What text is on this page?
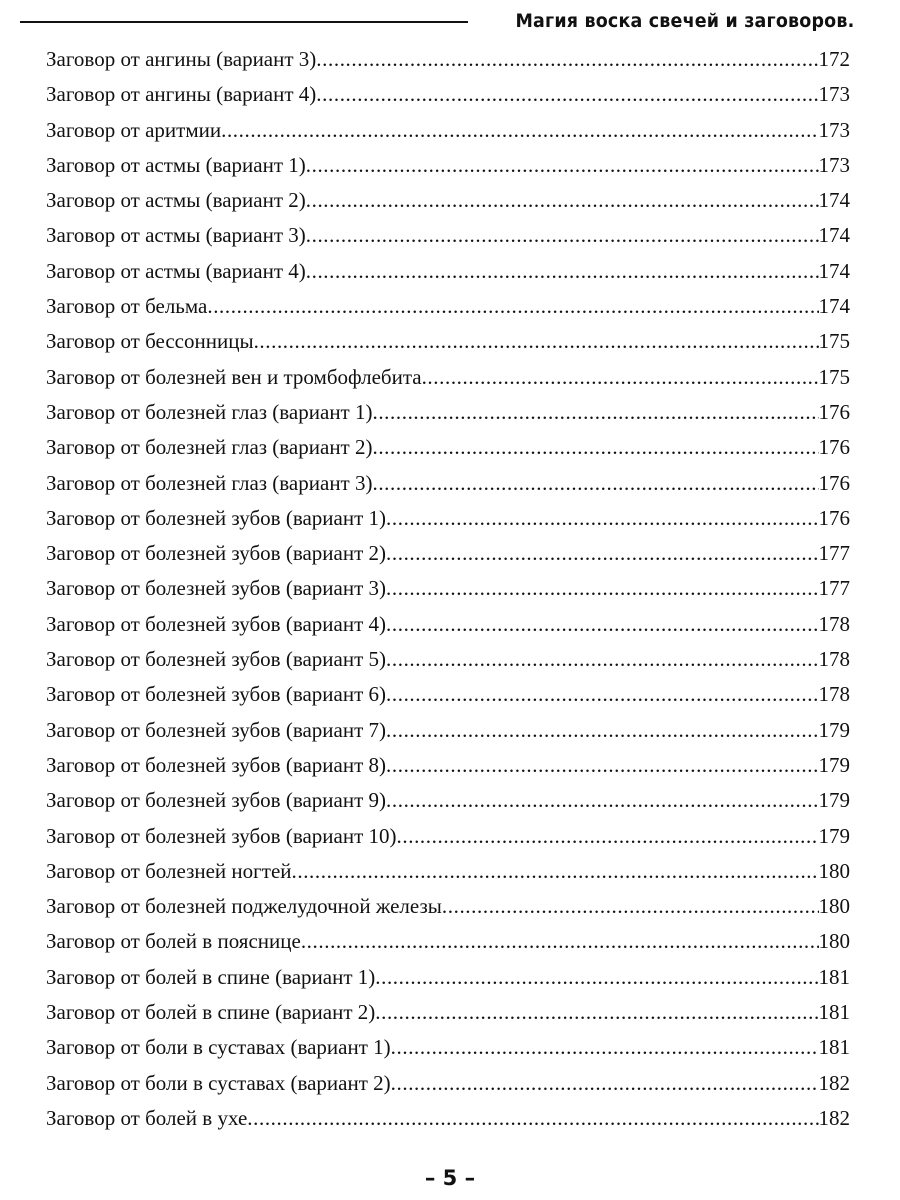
Магия воска свечей и заговоров.
Заговор от ангины (вариант 3) .....	172
Заговор от ангины (вариант 4) .....	173
Заговор от аритмии .....	173
Заговор от астмы (вариант 1) .....	173
Заговор от астмы (вариант 2) .....	174
Заговор от астмы (вариант 3) .....	174
Заговор от астмы (вариант 4) .....	174
Заговор от бельма .....	174
Заговор от бессонницы .....	175
Заговор от болезней вен и тромбофлебита .....	175
Заговор от болезней глаз (вариант 1) .....	176
Заговор от болезней глаз (вариант 2) .....	176
Заговор от болезней глаз (вариант 3) .....	176
Заговор от болезней зубов (вариант 1) .....	176
Заговор от болезней зубов (вариант 2) .....	177
Заговор от болезней зубов (вариант 3) .....	177
Заговор от болезней зубов (вариант 4) .....	178
Заговор от болезней зубов (вариант 5) .....	178
Заговор от болезней зубов (вариант 6) .....	178
Заговор от болезней зубов (вариант 7) .....	179
Заговор от болезней зубов (вариант 8) .....	179
Заговор от болезней зубов (вариант 9) .....	179
Заговор от болезней зубов (вариант 10) .....	179
Заговор от болезней ногтей .....	180
Заговор от болезней поджелудочной железы .....	180
Заговор от болей в пояснице .....	180
Заговор от болей в спине (вариант 1) .....	181
Заговор от болей в спине (вариант 2) .....	181
Заговор от боли в суставах (вариант 1) .....	181
Заговор от боли в суставах (вариант 2) .....	182
Заговор от болей в ухе .....	182
– 5 –
